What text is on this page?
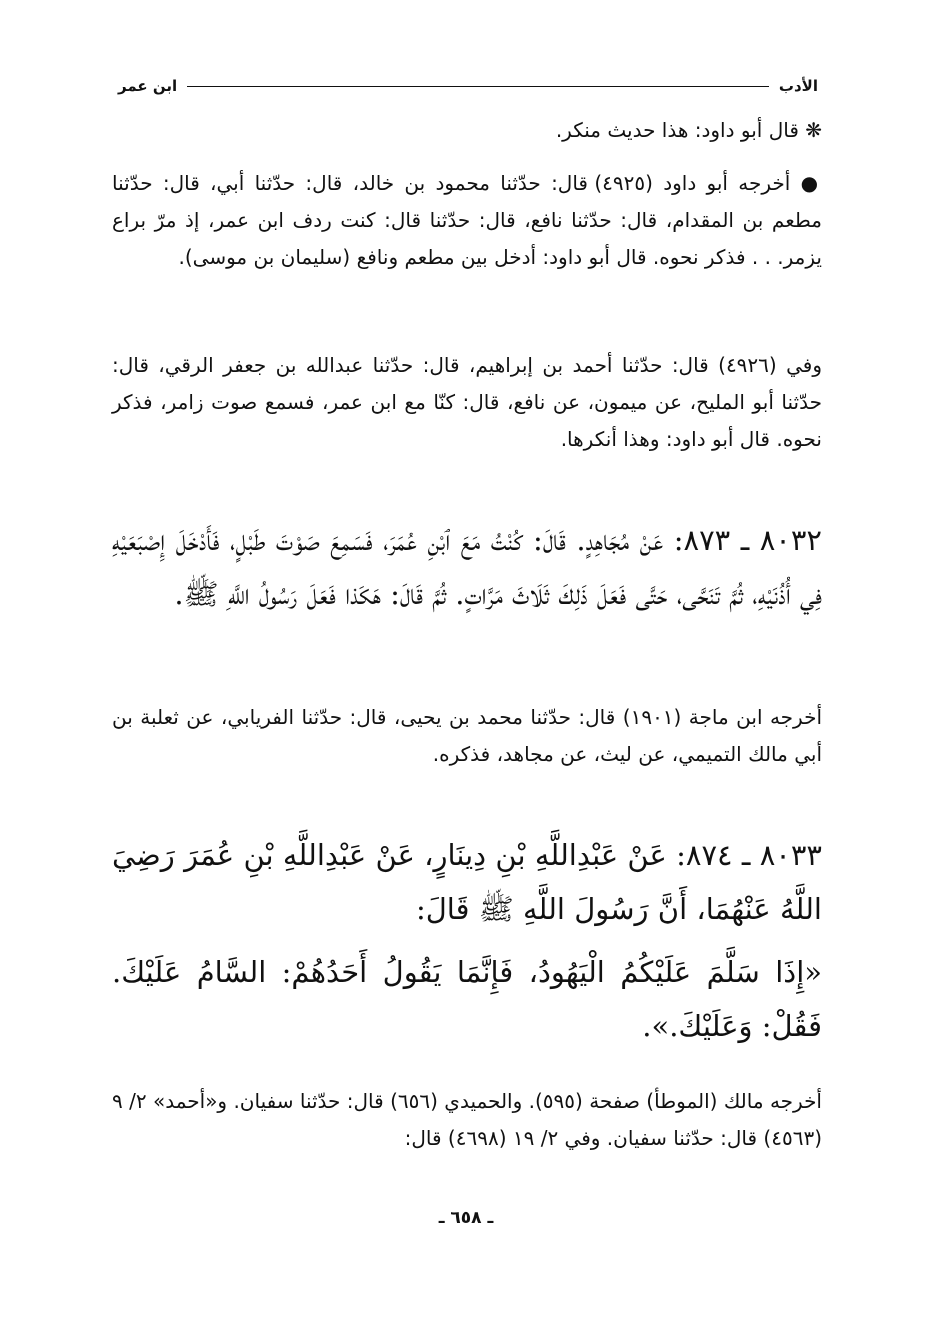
الأدب
ابن عمر

❋ قال أبو داود: هذا حديث منكر.

● أخرجه أبو داود (٤٩٢٥) قال: حدّثنا محمود بن خالد، قال: حدّثنا أبي، قال: حدّثنا مطعم بن المقدام، قال: حدّثنا نافع، قال: حدّثنا قال: كنت ردف ابن عمر، إذ مرّ براع يزمر. . . فذكر نحوه. قال أبو داود: أدخل بين مطعم ونافع (سليمان بن موسى).

وفي (٤٩٢٦) قال: حدّثنا أحمد بن إبراهيم، قال: حدّثنا عبدالله بن جعفر الرقي، قال: حدّثنا أبو المليح، عن ميمون، عن نافع، قال: كنّا مع ابن عمر، فسمع صوت زامر، فذكر نحوه. قال أبو داود: وهذا أنكرها.

٨٠٣٢ ـ ٨٧٣: عَنْ مُجَاهِدٍ. قَالَ: كُنْتُ مَعَ ٱبْنِ عُمَرَ، فَسَمِعَ صَوْتَ طَبْلٍ، فَأَدْخَلَ إِصْبَعَيْهِ فِي أُذُنَيْهِ، ثُمَّ تَنَحَّى، حَتَّى فَعَلَ ذَلِكَ ثَلَاثَ مَرَّاتٍ. ثُمَّ قَالَ: هَكَذا فَعَلَ رَسُولُ اللَّهِ ﷺ.

أخرجه ابن ماجة (١٩٠١) قال: حدّثنا محمد بن يحيى، قال: حدّثنا الفريابي، عن ثعلبة بن أبي مالك التميمي، عن ليث، عن مجاهد، فذكره.

٨٠٣٣ ـ ٨٧٤: عَنْ عَبْدِاللَّهِ بْنِ دِينَارٍ، عَنْ عَبْدِاللَّهِ بْنِ عُمَرَ رَضِيَ اللَّهُ عَنْهُمَا، أَنَّ رَسُولَ اللَّهِ ﷺ قَالَ:

«إِذَا سَلَّمَ عَلَيْكُمُ الْيَهُودُ، فَإِنَّمَا يَقُولُ أَحَدُهُمْ: السَّامُ عَلَيْكَ. فَقُلْ: وَعَلَيْكَ.».

أخرجه مالك (الموطأ) صفحة (٥٩٥). والحميدي (٦٥٦) قال: حدّثنا سفيان. و«أحمد» ٢/ ٩ (٤٥٦٣) قال: حدّثنا سفيان. وفي ٢/ ١٩ (٤٦٩٨) قال:

ـ ٦٥٨ ـ
